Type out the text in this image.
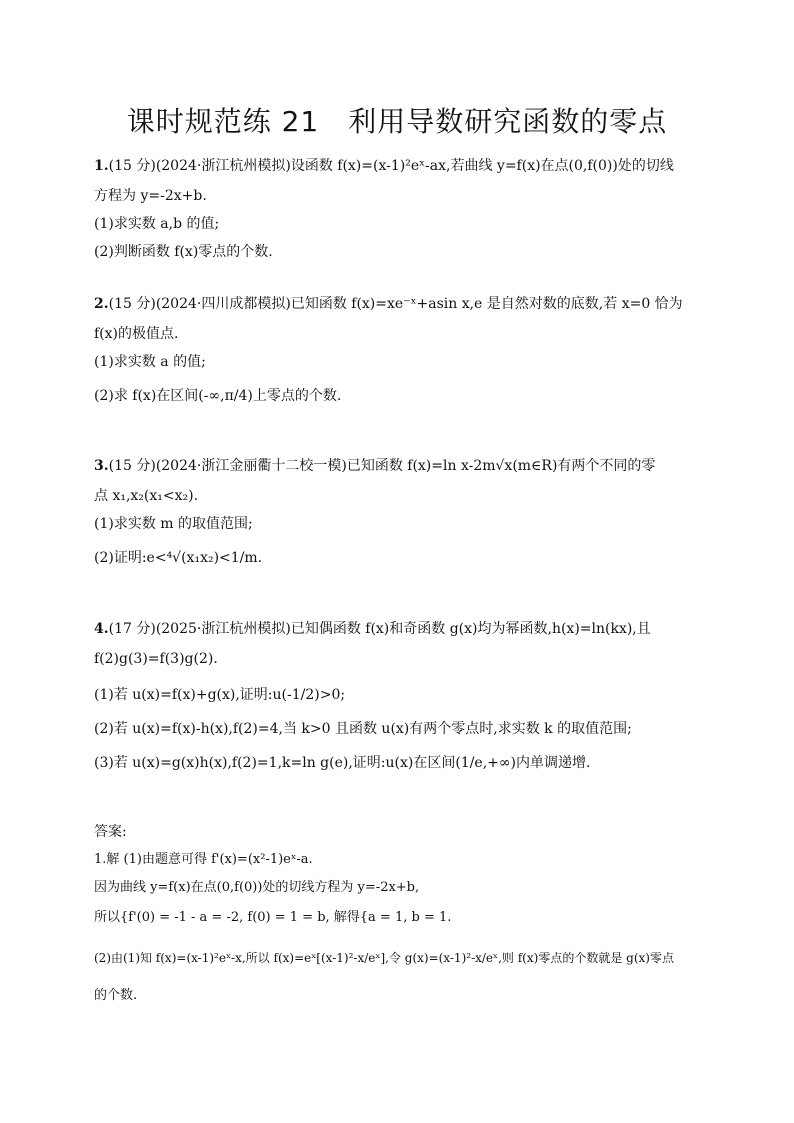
课时规范练 21　利用导数研究函数的零点

1.(15 分)(2024·浙江杭州模拟)设函数 f(x)=(x-1)²eˣ-ax,若曲线 y=f(x)在点(0,f(0))处的切线

方程为 y=-2x+b.

(1)求实数 a,b 的值;

(2)判断函数 f(x)零点的个数.

2.(15 分)(2024·四川成都模拟)已知函数 f(x)=xe⁻ˣ+asin x,e 是自然对数的底数,若 x=0 恰为

f(x)的极值点.

(1)求实数 a 的值;

(2)求 f(x)在区间(-∞,π/4)上零点的个数.

3.(15 分)(2024·浙江金丽衢十二校一模)已知函数 f(x)=ln x-2m√x(m∈R)有两个不同的零

点 x₁,x₂(x₁<x₂).

(1)求实数 m 的取值范围;

(2)证明:e<⁴√(x₁x₂)<1/m.

4.(17 分)(2025·浙江杭州模拟)已知偶函数 f(x)和奇函数 g(x)均为幂函数,h(x)=ln(kx),且

f(2)g(3)=f(3)g(2).

(1)若 u(x)=f(x)+g(x),证明:u(-1/2)>0;

(2)若 u(x)=f(x)-h(x),f(2)=4,当 k>0 且函数 u(x)有两个零点时,求实数 k 的取值范围;

(3)若 u(x)=g(x)h(x),f(2)=1,k=ln g(e),证明:u(x)在区间(1/e,+∞)内单调递增.

答案:

1.解 (1)由题意可得 f'(x)=(x²-1)eˣ-a.

因为曲线 y=f(x)在点(0,f(0))处的切线方程为 y=-2x+b,

所以{f'(0) = -1 - a = -2, f(0) = 1 = b, 解得{a = 1, b = 1.

(2)由(1)知 f(x)=(x-1)²eˣ-x,所以 f(x)=eˣ[(x-1)²-x/eˣ],令 g(x)=(x-1)²-x/eˣ,则 f(x)零点的个数就是 g(x)零点

的个数.
